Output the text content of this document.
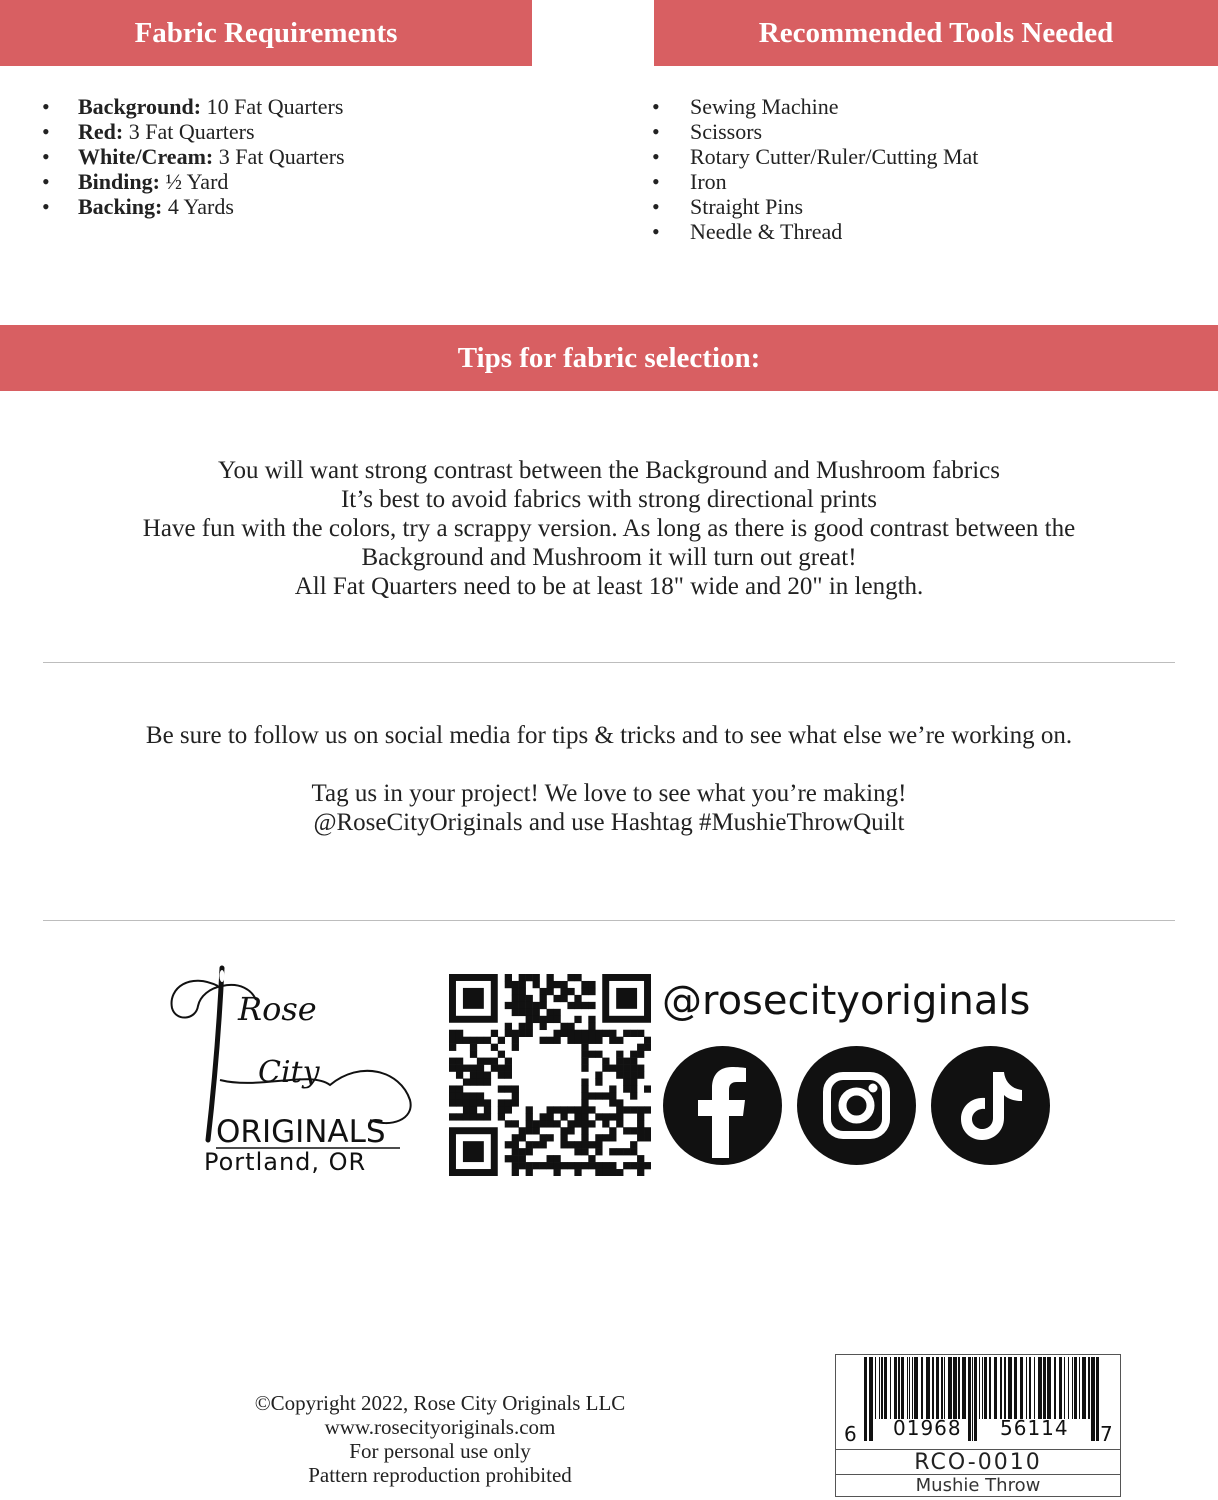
Fabric Requirements	Recommended Tools Needed
• Background: 10 Fat Quarters
• Red: 3 Fat Quarters
• White/Cream: 3 Fat Quarters
• Binding: ½ Yard
• Backing: 4 Yards
• Sewing Machine
• Scissors
• Rotary Cutter/Ruler/Cutting Mat
• Iron
• Straight Pins
• Needle & Thread
Tips for fabric selection:
You will want strong contrast between the Background and Mushroom fabrics
It’s best to avoid fabrics with strong directional prints
Have fun with the colors, try a scrappy version. As long as there is good contrast between the
Background and Mushroom it will turn out great!
All Fat Quarters need to be at least 18" wide and 20" in length.
Be sure to follow us on social media for tips & tricks and to see what else we’re working on.
Tag us in your project! We love to see what you’re making!
@RoseCityOriginals and use Hashtag #MushieThrowQuilt
Rose
City
ORIGINALS
Portland, OR
@rosecityoriginals
©Copyright 2022, Rose City Originals LLC
www.rosecityoriginals.com
For personal use only
Pattern reproduction prohibited
6 01968 56114 7
RCO-0010
Mushie Throw
